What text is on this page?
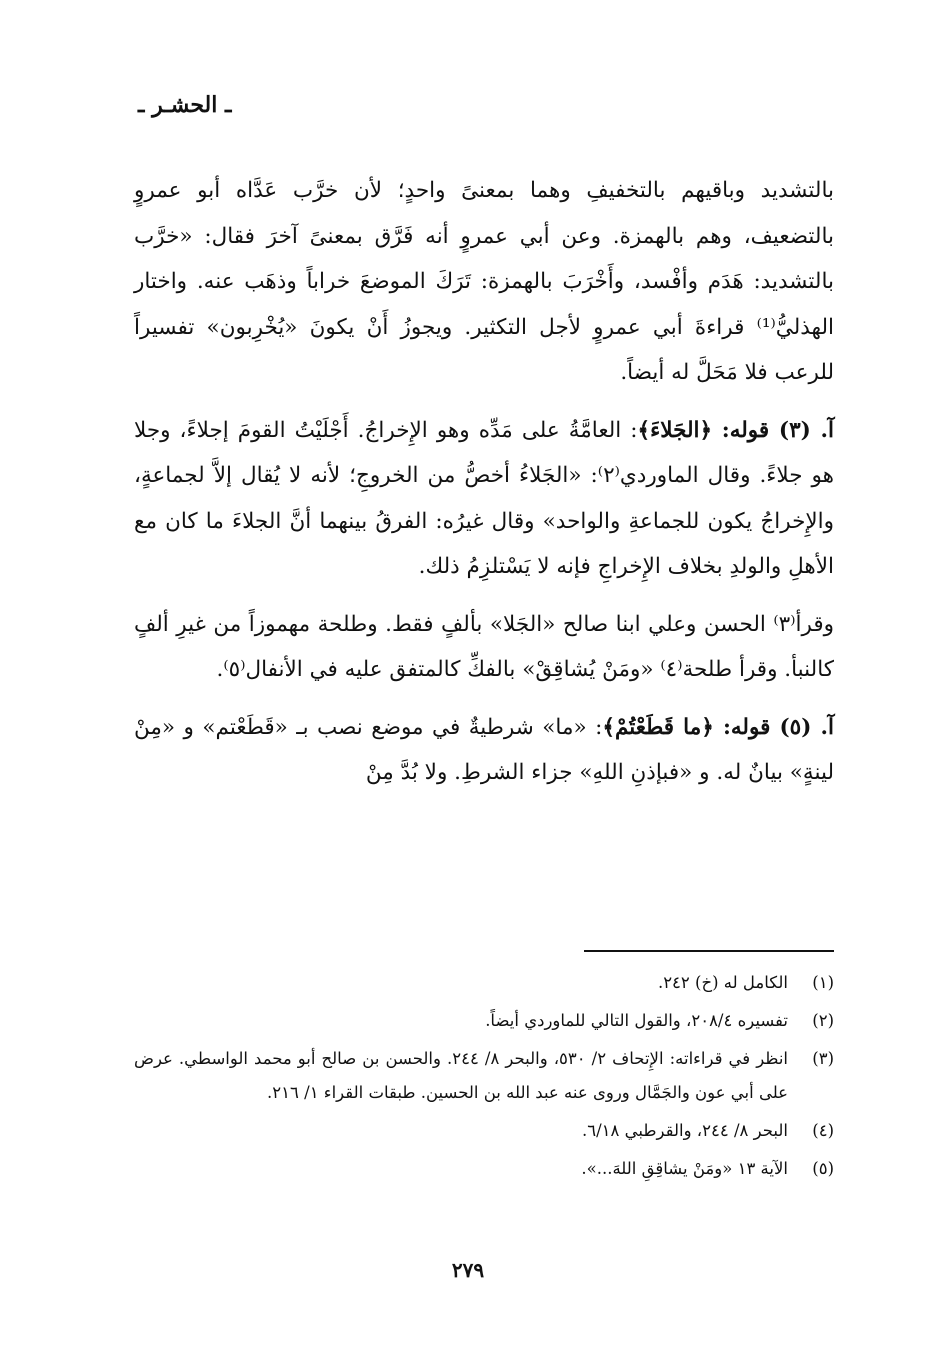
ـ الحشـر ـ

بالتشديد وباقيهم بالتخفيفِ وهما بمعنىً واحدٍ؛ لأن خرَّب عَدَّاه أبو عمروٍ بالتضعيف، وهم بالهمزة. وعن أبي عمروٍ أنه فَرَّق بمعنىً آخرَ فقال: «خرَّب بالتشديد: هَدَم وأفْسد، وأَخْرَبَ بالهمزة: تَرَكَ الموضعَ خراباً وذهَب عنه. واختار الهذليُّ⁽¹⁾ قراءةَ أبي عمروٍ لأجل التكثير. ويجوزُ أَنْ يكونَ «يُخْرِبون» تفسيراً للرعب فلا مَحَلَّ له أيضاً.

آ. (٣) قوله: ﴿الجَلاءَ﴾: العامَّةُ على مَدِّه وهو الإِخراجُ. أَجْلَيْتُ القومَ إجلاءً، وجلا هو جلاءً. وقال الماوردي⁽٢⁾: «الجَلاءُ أخصُّ من الخروجِ؛ لأنه لا يُقال إلاَّ لجماعةٍ، والإِخراجُ يكون للجماعةِ والواحد» وقال غيرُه: الفرقُ بينهما أنَّ الجلاءَ ما كان مع الأهلِ والولدِ بخلاف الإِخراجِ فإنه لا يَسْتلزِمُ ذلك.

وقرأ⁽٣⁾ الحسن وعلي ابنا صالح «الجَلا» بألفٍ فقط. وطلحة مهموزاً من غيرِ ألفٍ كالنبأ. وقرأ طلحة⁽٤⁾ «ومَنْ يُشاقِقْ» بالفكِّ كالمتفق عليه في الأنفال⁽٥⁾.

آ. (٥) قوله: ﴿ما قَطَعْتُمْ﴾: «ما» شرطيةٌ في موضع نصب بـ «قَطَعْتم» و «مِنْ لينةٍ» بيانٌ له. و «فبإذنِ اللهِ» جزاء الشرطِ. ولا بُدَّ مِنْ

(١)
الكامل له (خ) ٢٤٢.
(٢)
تفسيره ٢٠٨/٤، والقول التالي للماوردي أيضاً.
(٣)
انظر في قراءاته: الإِتحاف ٢/ ٥٣٠، والبحر ٨/ ٢٤٤. والحسن بن صالح أبو محمد الواسطي. عرض على أبي عون والجَمَّال وروى عنه عبد الله بن الحسين. طبقات القراء ١/ ٢١٦.
(٤)
البحر ٨/ ٢٤٤، والقرطبي ٦/١٨.
(٥)
الآية ١٣ «ومَنْ يشاقِقِ اللهَ...».
٢٧٩
